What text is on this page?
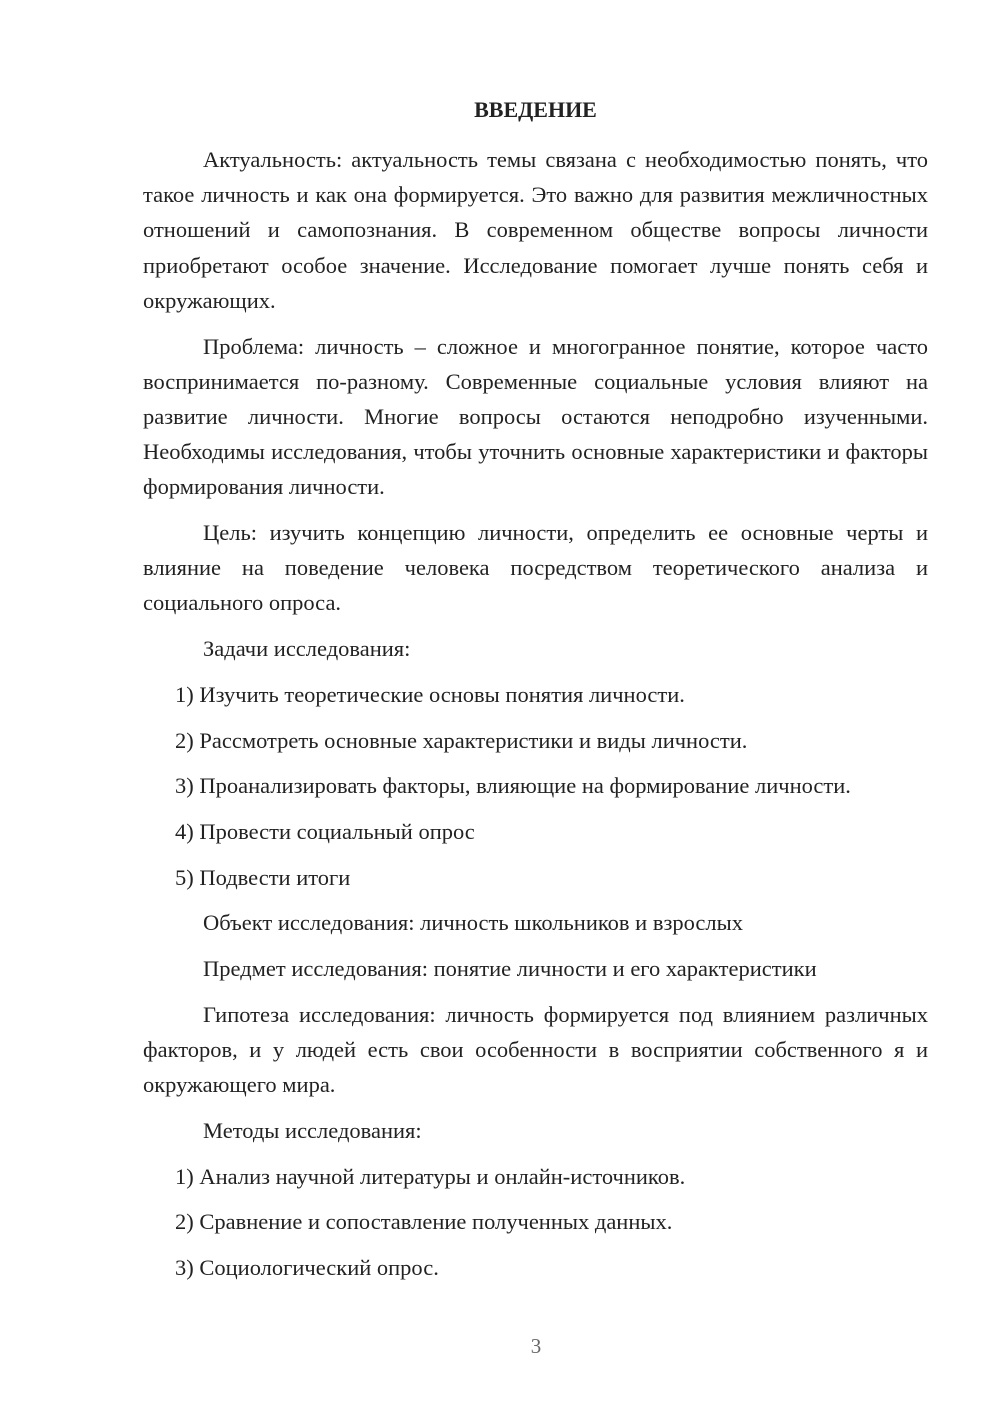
ВВЕДЕНИЕ

Актуальность: актуальность темы связана с необходимостью понять, что такое личность и как она формируется. Это важно для развития межличностных отношений и самопознания. В современном обществе вопросы личности приобретают особое значение. Исследование помогает лучше понять себя и окружающих.

Проблема: личность – сложное и многогранное понятие, которое часто воспринимается по-разному. Современные социальные условия влияют на развитие личности. Многие вопросы остаются неподробно изученными. Необходимы исследования, чтобы уточнить основные характеристики и факторы формирования личности.

Цель: изучить концепцию личности, определить ее основные черты и влияние на поведение человека посредством теоретического анализа и социального опроса.

Задачи исследования:

1) Изучить теоретические основы понятия личности.

2) Рассмотреть основные характеристики и виды личности.

3) Проанализировать факторы, влияющие на формирование личности.

4) Провести социальный опрос

5) Подвести итоги

Объект исследования: личность школьников и взрослых

Предмет исследования: понятие личности и его характеристики

Гипотеза исследования: личность формируется под влиянием различных факторов, и у людей есть свои особенности в восприятии собственного я и окружающего мира.

Методы исследования:

1) Анализ научной литературы и онлайн-источников.

2) Сравнение и сопоставление полученных данных.

3) Социологический опрос.

3
